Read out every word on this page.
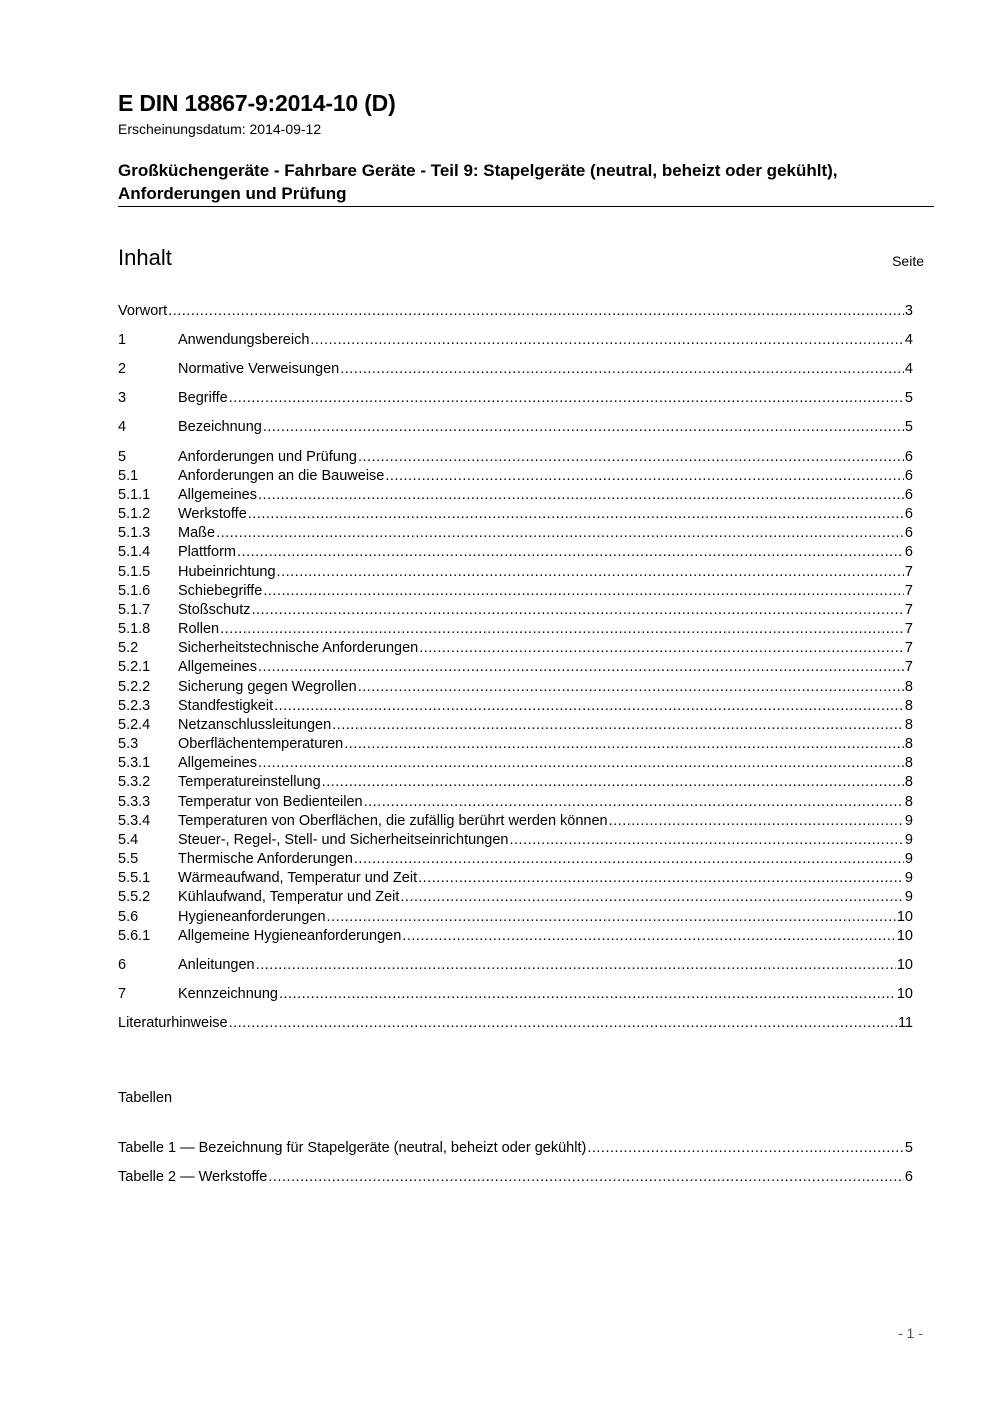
E DIN 18867-9:2014-10 (D)
Erscheinungsdatum: 2014-09-12
Großküchengeräte - Fahrbare Geräte - Teil 9: Stapelgeräte (neutral, beheizt oder gekühlt), Anforderungen und Prüfung
Inhalt	Seite
Vorwort .....	3
1	Anwendungsbereich .....	4
2	Normative Verweisungen .....	4
3	Begriffe .....	5
4	Bezeichnung .....	5
5	Anforderungen und Prüfung .....	6
5.1	Anforderungen an die Bauweise .....	6
5.1.1	Allgemeines .....	6
5.1.2	Werkstoffe .....	6
5.1.3	Maße .....	6
5.1.4	Plattform .....	6
5.1.5	Hubeinrichtung .....	7
5.1.6	Schiebegriffe .....	7
5.1.7	Stoßschutz .....	7
5.1.8	Rollen .....	7
5.2	Sicherheitstechnische Anforderungen .....	7
5.2.1	Allgemeines .....	7
5.2.2	Sicherung gegen Wegrollen .....	8
5.2.3	Standfestigkeit .....	8
5.2.4	Netzanschlussleitungen .....	8
5.3	Oberflächentemperaturen .....	8
5.3.1	Allgemeines .....	8
5.3.2	Temperatureinstellung .....	8
5.3.3	Temperatur von Bedienteilen .....	8
5.3.4	Temperaturen von Oberflächen, die zufällig berührt werden können .....	9
5.4	Steuer-, Regel-, Stell- und Sicherheitseinrichtungen .....	9
5.5	Thermische Anforderungen .....	9
5.5.1	Wärmeaufwand, Temperatur und Zeit .....	9
5.5.2	Kühlaufwand, Temperatur und Zeit .....	9
5.6	Hygieneanforderungen .....	10
5.6.1	Allgemeine Hygieneanforderungen .....	10
6	Anleitungen .....	10
7	Kennzeichnung .....	10
Literaturhinweise .....	11
Tabellen
Tabelle 1 — Bezeichnung für Stapelgeräte (neutral, beheizt oder gekühlt) .....	5
Tabelle 2 — Werkstoffe .....	6
- 1 -
